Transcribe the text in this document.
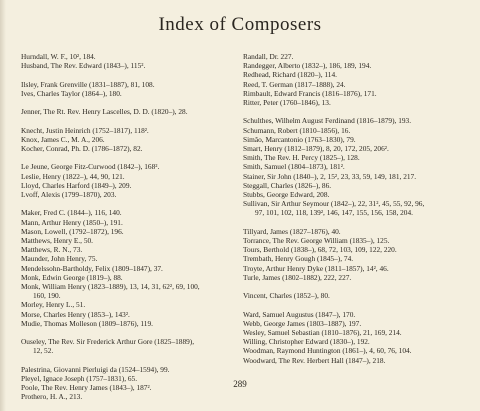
Index of Composers
Hurndall, W. F., 10², 184.
Husband, The Rev. Edward (1843–), 115².
Ilsley, Frank Grenville (1831–1887), 81, 108.
Ives, Charles Taylor (1864–), 180.
Jenner, The Rt. Rev. Henry Lascelles, D. D. (1820–), 28.
Knecht, Justin Heinrich (1752–1817), 118².
Knox, James C., M. A., 206.
Kocher, Conrad, Ph. D. (1786–1872), 82.
Le Jeune, George Fitz-Curwood (1842–), 168².
Leslie, Henry (1822–), 44, 90, 121.
Lloyd, Charles Harford (1849–), 209.
Lvoff, Alexis (1799–1870), 203.
Maker, Fred C. (1844–), 116, 140.
Mann, Arthur Henry (1850–), 191.
Mason, Lowell, (1792–1872), 196.
Matthews, Henry E., 50.
Matthews, R. N., 73.
Maunder, John Henry, 75.
Mendelssohn-Bartholdy, Felix (1809–1847), 37.
Monk, Edwin George (1819–), 88.
Monk, William Henry (1823–1889), 13, 14, 31, 62², 69, 100,
160, 190.
Morley, Henry L., 51.
Morse, Charles Henry (1853–), 143².
Mudie, Thomas Molleson (1809–1876), 119.
Ouseley, The Rev. Sir Frederick Arthur Gore (1825–1889),
12, 52.
Palestrina, Giovanni Pierluigi da (1524–1594), 99.
Pleyel, Ignace Joseph (1757–1831), 65.
Poole, The Rev. Henry James (1843–), 187².
Prothero, H. A., 213.
Randall, Dr. 227.
Randegger, Alberto (1832–), 186, 189, 194.
Redhead, Richard (1820–), 114.
Reed, T. German (1817–1888), 24.
Rimbault, Edward Francis (1816–1876), 171.
Ritter, Peter (1760–1846), 13.
Schulthes, Wilhelm August Ferdinand (1816–1879), 193.
Schumann, Robert (1810–1856), 16.
Simão, Marcantonio (1763–1830), 79.
Smart, Henry (1812–1879), 8, 20, 172, 205, 206².
Smith, The Rev. H. Percy (1825–), 128.
Smith, Samuel (1804–1873), 181².
Stainer, Sir John (1840–), 2, 15², 23, 33, 59, 149, 181, 217.
Steggall, Charles (1826–), 86.
Stubbs, George Edward, 208.
Sullivan, Sir Arthur Seymour (1842–), 22, 31², 45, 55, 92, 96,
97, 101, 102, 118, 139², 146, 147, 155, 156, 158, 204.
Tillyard, James (1827–1876), 40.
Torrance, The Rev. George William (1835–), 125.
Tours, Berthold (1838–), 68, 72, 103, 109, 122, 220.
Trembath, Henry Gough (1845–), 74.
Troyte, Arthur Henry Dyke (1811–1857), 14², 46.
Turle, James (1802–1882), 222, 227.
Vincent, Charles (1852–), 80.
Ward, Samuel Augustus (1847–), 170.
Webb, George James (1803–1887), 197.
Wesley, Samuel Sebastian (1810–1876), 21, 169, 214.
Willing, Christopher Edward (1830–), 192.
Woodman, Raymond Huntington (1861–), 4, 60, 76, 104.
Woodward, The Rev. Herbert Hall (1847–), 218.
289
